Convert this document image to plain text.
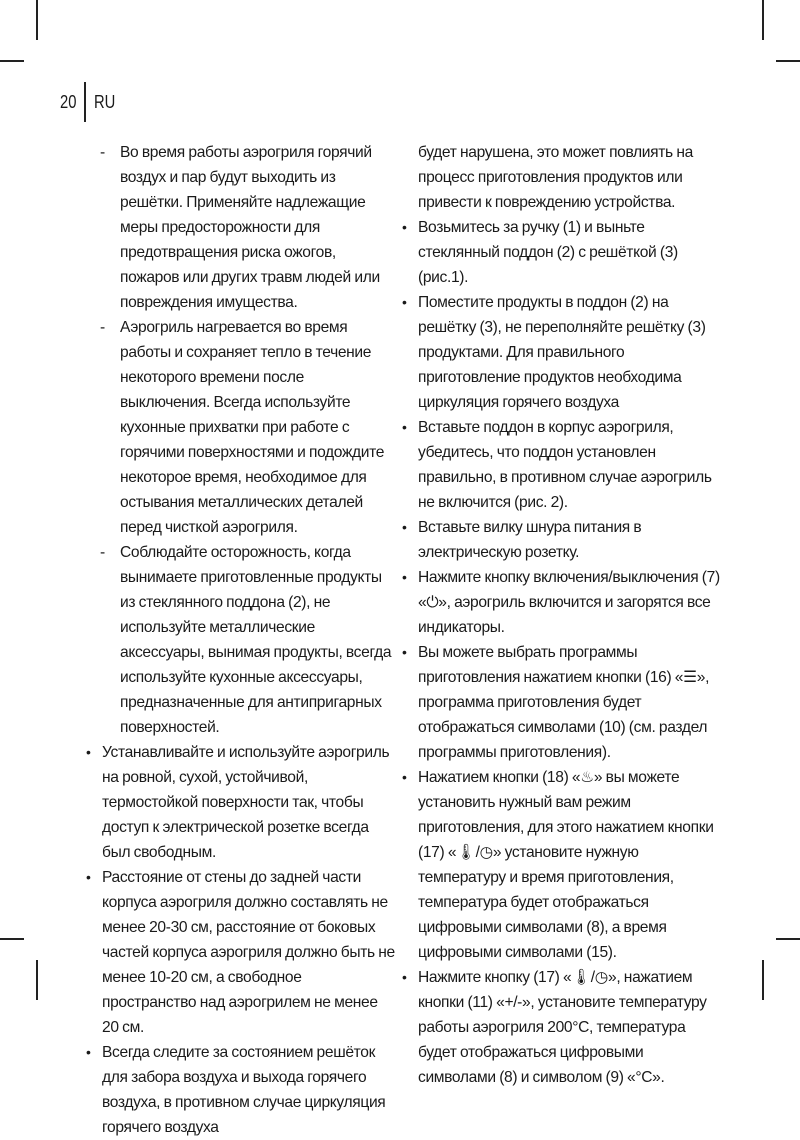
20 RU

- Во время работы аэрогриля горячий воздух и пар будут выходить из решётки. Применяйте надлежащие меры предосторожности для предотвращения риска ожогов, пожаров или других травм людей или повреждения имущества.

- Аэрогриль нагревается во время работы и сохраняет тепло в течение некоторого времени после выключения. Всегда используйте кухонные прихватки при работе с горячими поверхностями и подождите некоторое время, необходимое для остывания металлических деталей перед чисткой аэрогриля.

- Соблюдайте осторожность, когда вынимаете приготовленные продукты из стеклянного поддона (2), не используйте металлические аксессуары, вынимая продукты, всегда используйте кухонные аксессуары, предназначенные для антипригарных поверхностей.

• Устанавливайте и используйте аэрогриль на ровной, сухой, устойчивой, термостойкой поверхности так, чтобы доступ к электрической розетке всегда был свободным.

• Расстояние от стены до задней части корпуса аэрогриля должно составлять не менее 20-30 см, расстояние от боковых частей корпуса аэрогриля должно быть не менее 10-20 см, а свободное пространство над аэрогрилем не менее 20 см.

• Всегда следите за состоянием решёток для забора воздуха и выхода горячего воздуха, в противном случае циркуляция горячего воздуха

будет нарушена, это может повлиять на процесс приготовления продуктов или привести к повреждению устройства.

• Возьмитесь за ручку (1) и выньте стеклянный поддон (2) с решёткой (3) (рис.1).

• Поместите продукты в поддон (2) на решётку (3), не переполняйте решётку (3) продуктами. Для правильного приготовление продуктов необходима циркуляция горячего воздуха

• Вставьте поддон в корпус аэрогриля, убедитесь, что поддон установлен правильно, в противном случае аэрогриль не включится (рис. 2).

• Вставьте вилку шнура питания в электрическую розетку.

• Нажмите кнопку включения/выключения (7) «⏻», аэрогриль включится и загорятся все индикаторы.

• Вы можете выбрать программы приготовления нажатием кнопки (16) «☰», программа приготовления будет отображаться символами (10) (см. раздел программы приготовления).

• Нажатием кнопки (18) «♨» вы можете установить нужный вам режим приготовления, для этого нажатием кнопки (17) «🌡/◷» установите нужную температуру и время приготовления, температура будет отображаться цифровыми символами (8), а время цифровыми символами (15).

• Нажмите кнопку (17) «🌡/◷», нажатием кнопки (11) «+/-», установите температуру работы аэрогриля 200°С, температура будет отображаться цифровыми символами (8) и символом (9) «°С».
